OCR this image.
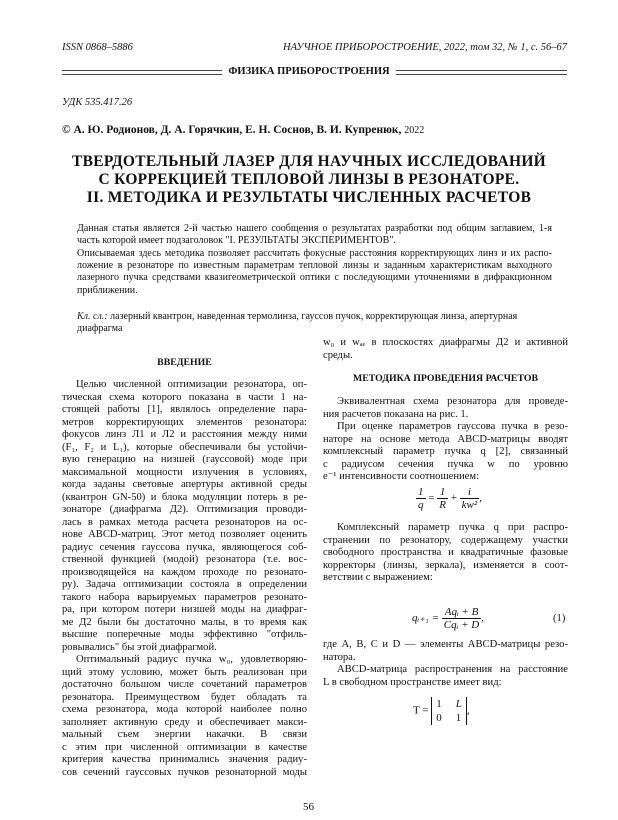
ISSN 0868–5886	НАУЧНОЕ ПРИБОРОСТРОЕНИЕ, 2022, том 32, № 1, с. 56–67
ФИЗИКА ПРИБОРОСТРОЕНИЯ
УДК 535.417.26
© А. Ю. Родионов, Д. А. Горячкин, Е. Н. Соснов, В. И. Купренюк, 2022
ТВЕРДОТЕЛЬНЫЙ ЛАЗЕР ДЛЯ НАУЧНЫХ ИССЛЕДОВАНИЙ
С КОРРЕКЦИЕЙ ТЕПЛОВОЙ ЛИНЗЫ В РЕЗОНАТОРЕ.
II. МЕТОДИКА И РЕЗУЛЬТАТЫ ЧИСЛЕННЫХ РАСЧЕТОВ
Данная статья является 2-й частью нашего сообщения о результатах разработки под общим заглавием, 1-я
часть которой имеет подзаголовок "I. РЕЗУЛЬТАТЫ ЭКСПЕРИМЕНТОВ".
Описываемая здесь методика позволяет рассчитать фокусные расстояния корректирующих линз и их распо-
ложение в резонаторе по известным параметрам тепловой линзы и заданным характеристикам выходного
лазерного пучка средствами квазигеометрической оптики с последующими уточнениями в дифракционном
приближении.
Кл. сл.: лазерный квантрон, наведенная термолинза, гауссов пучок, корректирующая линза, апертурная
диафрагма
ВВЕДЕНИЕ
Целью численной оптимизации резонатора, оп-
тическая схема которого показана в части 1 на-
стоящей работы [1], являлось определение пара-
метров корректирующих элементов резонатора:
фокусов линз Л1 и Л2 и расстояния между ними
(F₁, F₂ и L₁), которые обеспечивали бы устойчи-
вую генерацию на низшей (гауссовой) моде при
максимальной мощности излучения в условиях,
когда заданы световые апертуры активной среды
(квантрон GN-50) и блока модуляции потерь в ре-
зонаторе (диафрагма Д2). Оптимизация проводи-
лась в рамках метода расчета резонаторов на ос-
нове ABCD-матриц. Этот метод позволяет оценить
радиус сечения гауссова пучка, являющегося соб-
ственной функцией (модой) резонатора (т.е. вос-
производящейся на каждом проходе по резонато-
ру). Задача оптимизации состояла в определении
такого набора варьируемых параметров резонато-
ра, при котором потери низшей моды на диафраг-
ме Д2 были бы достаточно малы, в то время как
высшие поперечные моды эффективно "отфиль-
ровывались" бы этой диафрагмой.
Оптимальный радиус пучка w₀, удовлетворяю-
щий этому условию, может быть реализован при
достаточно большом числе сочетаний параметров
резонатора. Преимуществом будет обладать та
схема резонатора, мода которой наиболее полно
заполняет активную среду и обеспечивает макси-
мальный съем энергии накачки. В связи
с этим при численной оптимизации в качестве
критерия качества принимались значения радиу-
сов сечений гауссовых пучков резонаторной моды
w₀ и wₐₑ в плоскостях диафрагмы Д2 и активной
среды.
МЕТОДИКА ПРОВЕДЕНИЯ РАСЧЕТОВ
Эквивалентная схема резонатора для проведе-
ния расчетов показана на рис. 1.
При оценке параметров гауссова пучка в резо-
наторе на основе метода ABCD-матрицы вводят
комплексный параметр пучка q [2], связанный
с радиусом сечения пучка w по уровню
e⁻¹ интенсивности соотношением:
$\frac{1}{q} = \frac{1}{R} + \frac{i}{\text{kw²}}$ ,
Комплексный параметр пучка q при распро-
странении по резонатору, содержащему участки
свободного пространства и квадратичные фазовые
корректоры (линзы, зеркала), изменяется в соот-
ветствии с выражением:
qᵢ₊₁ = $\frac{\text{Aqᵢ + B}}{\text{Cqᵢ + D}}$ ,	(1)
где A, B, C и D — элементы ABCD-матрицы резо-
натора.
ABCD-матрица распространения на расстояние
L в свободном пространстве имеет вид:
T =
1 L
0 1
,
56
